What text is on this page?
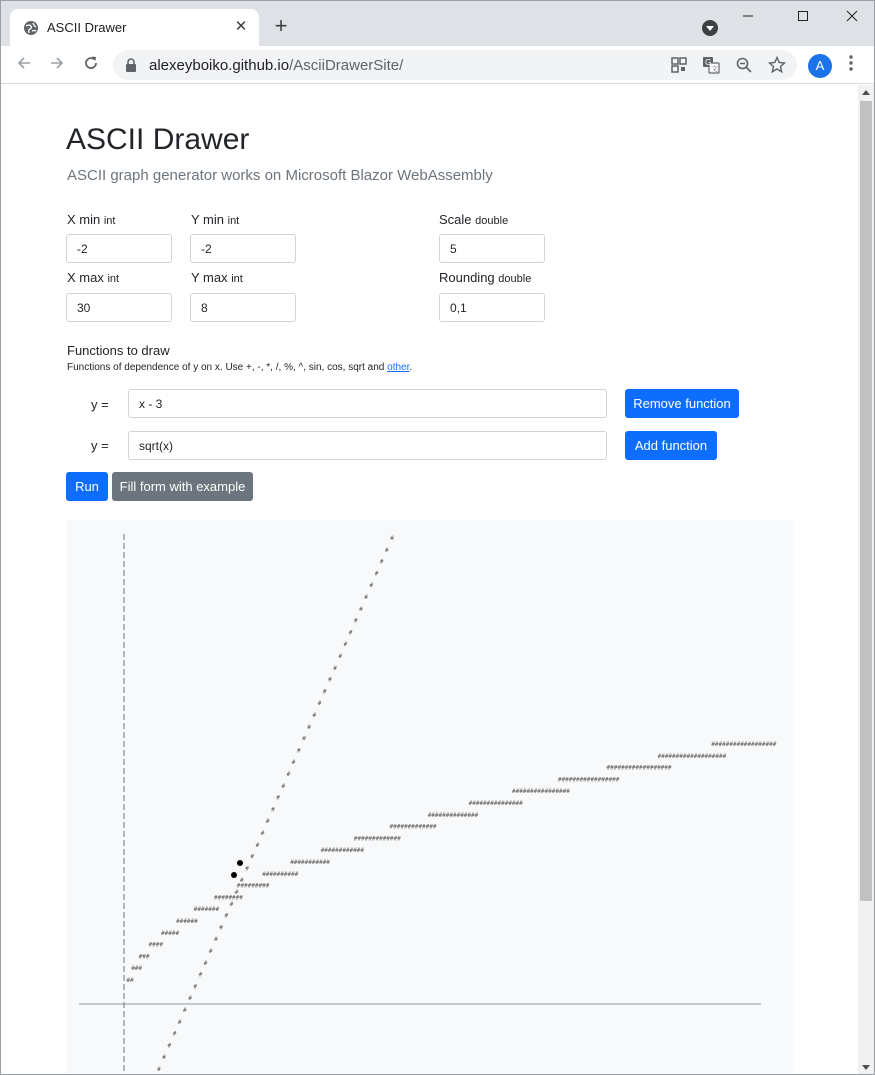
ASCII Drawer	✕ +
alexeyboiko.github.io/AsciiDrawerSite/	G
文	A
ASCII Drawer
ASCII graph generator works on Microsoft Blazor WebAssembly
X min int	Y min int	Scale double
-2	-2	5
X max int	Y max int	Rounding double
30	8	0,1
Functions to draw
Functions of dependence of y on x. Use +, -, *, /, %, ^, sin, cos, sqrt and other.
y =	x - 3	Remove function
y =	sqrt(x)	Add function
Run	Fill form with example
#
#
#
#
#
#
#
#
#
#
#
#
#
#
#
#
#
#
#
#
#
#
#
#
#
#
#
#
#
#
#
#
#
#
#
#
#
#
#
#
#
#
#
#
#
#
##
###
###
####
#####
######
#######
########
#########
##########
###########
############
#############
#############
##############
###############
################
#################
##################
###################
##################
